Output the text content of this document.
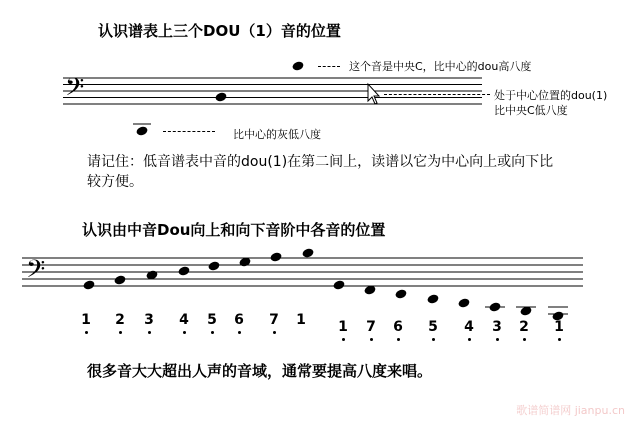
认识谱表上三个DOU（1）音的位置
𝄢
𝄢
这个音是中央C，比中心的dou高八度
处于中心位置的dou(1)
比中央C低八度
比中心的灰低八度
请记住：低音谱表中音的dou(1)在第二间上，读谱以它为中心向上或向下比较方便。
认识由中音Dou向上和向下音阶中各音的位置
1 2 3 4 5 6 7 1 1 7 6 5 4 3 2 1
很多音大大超出人声的音域，通常要提高八度来唱。
歌谱简谱网 jianpu.cn
